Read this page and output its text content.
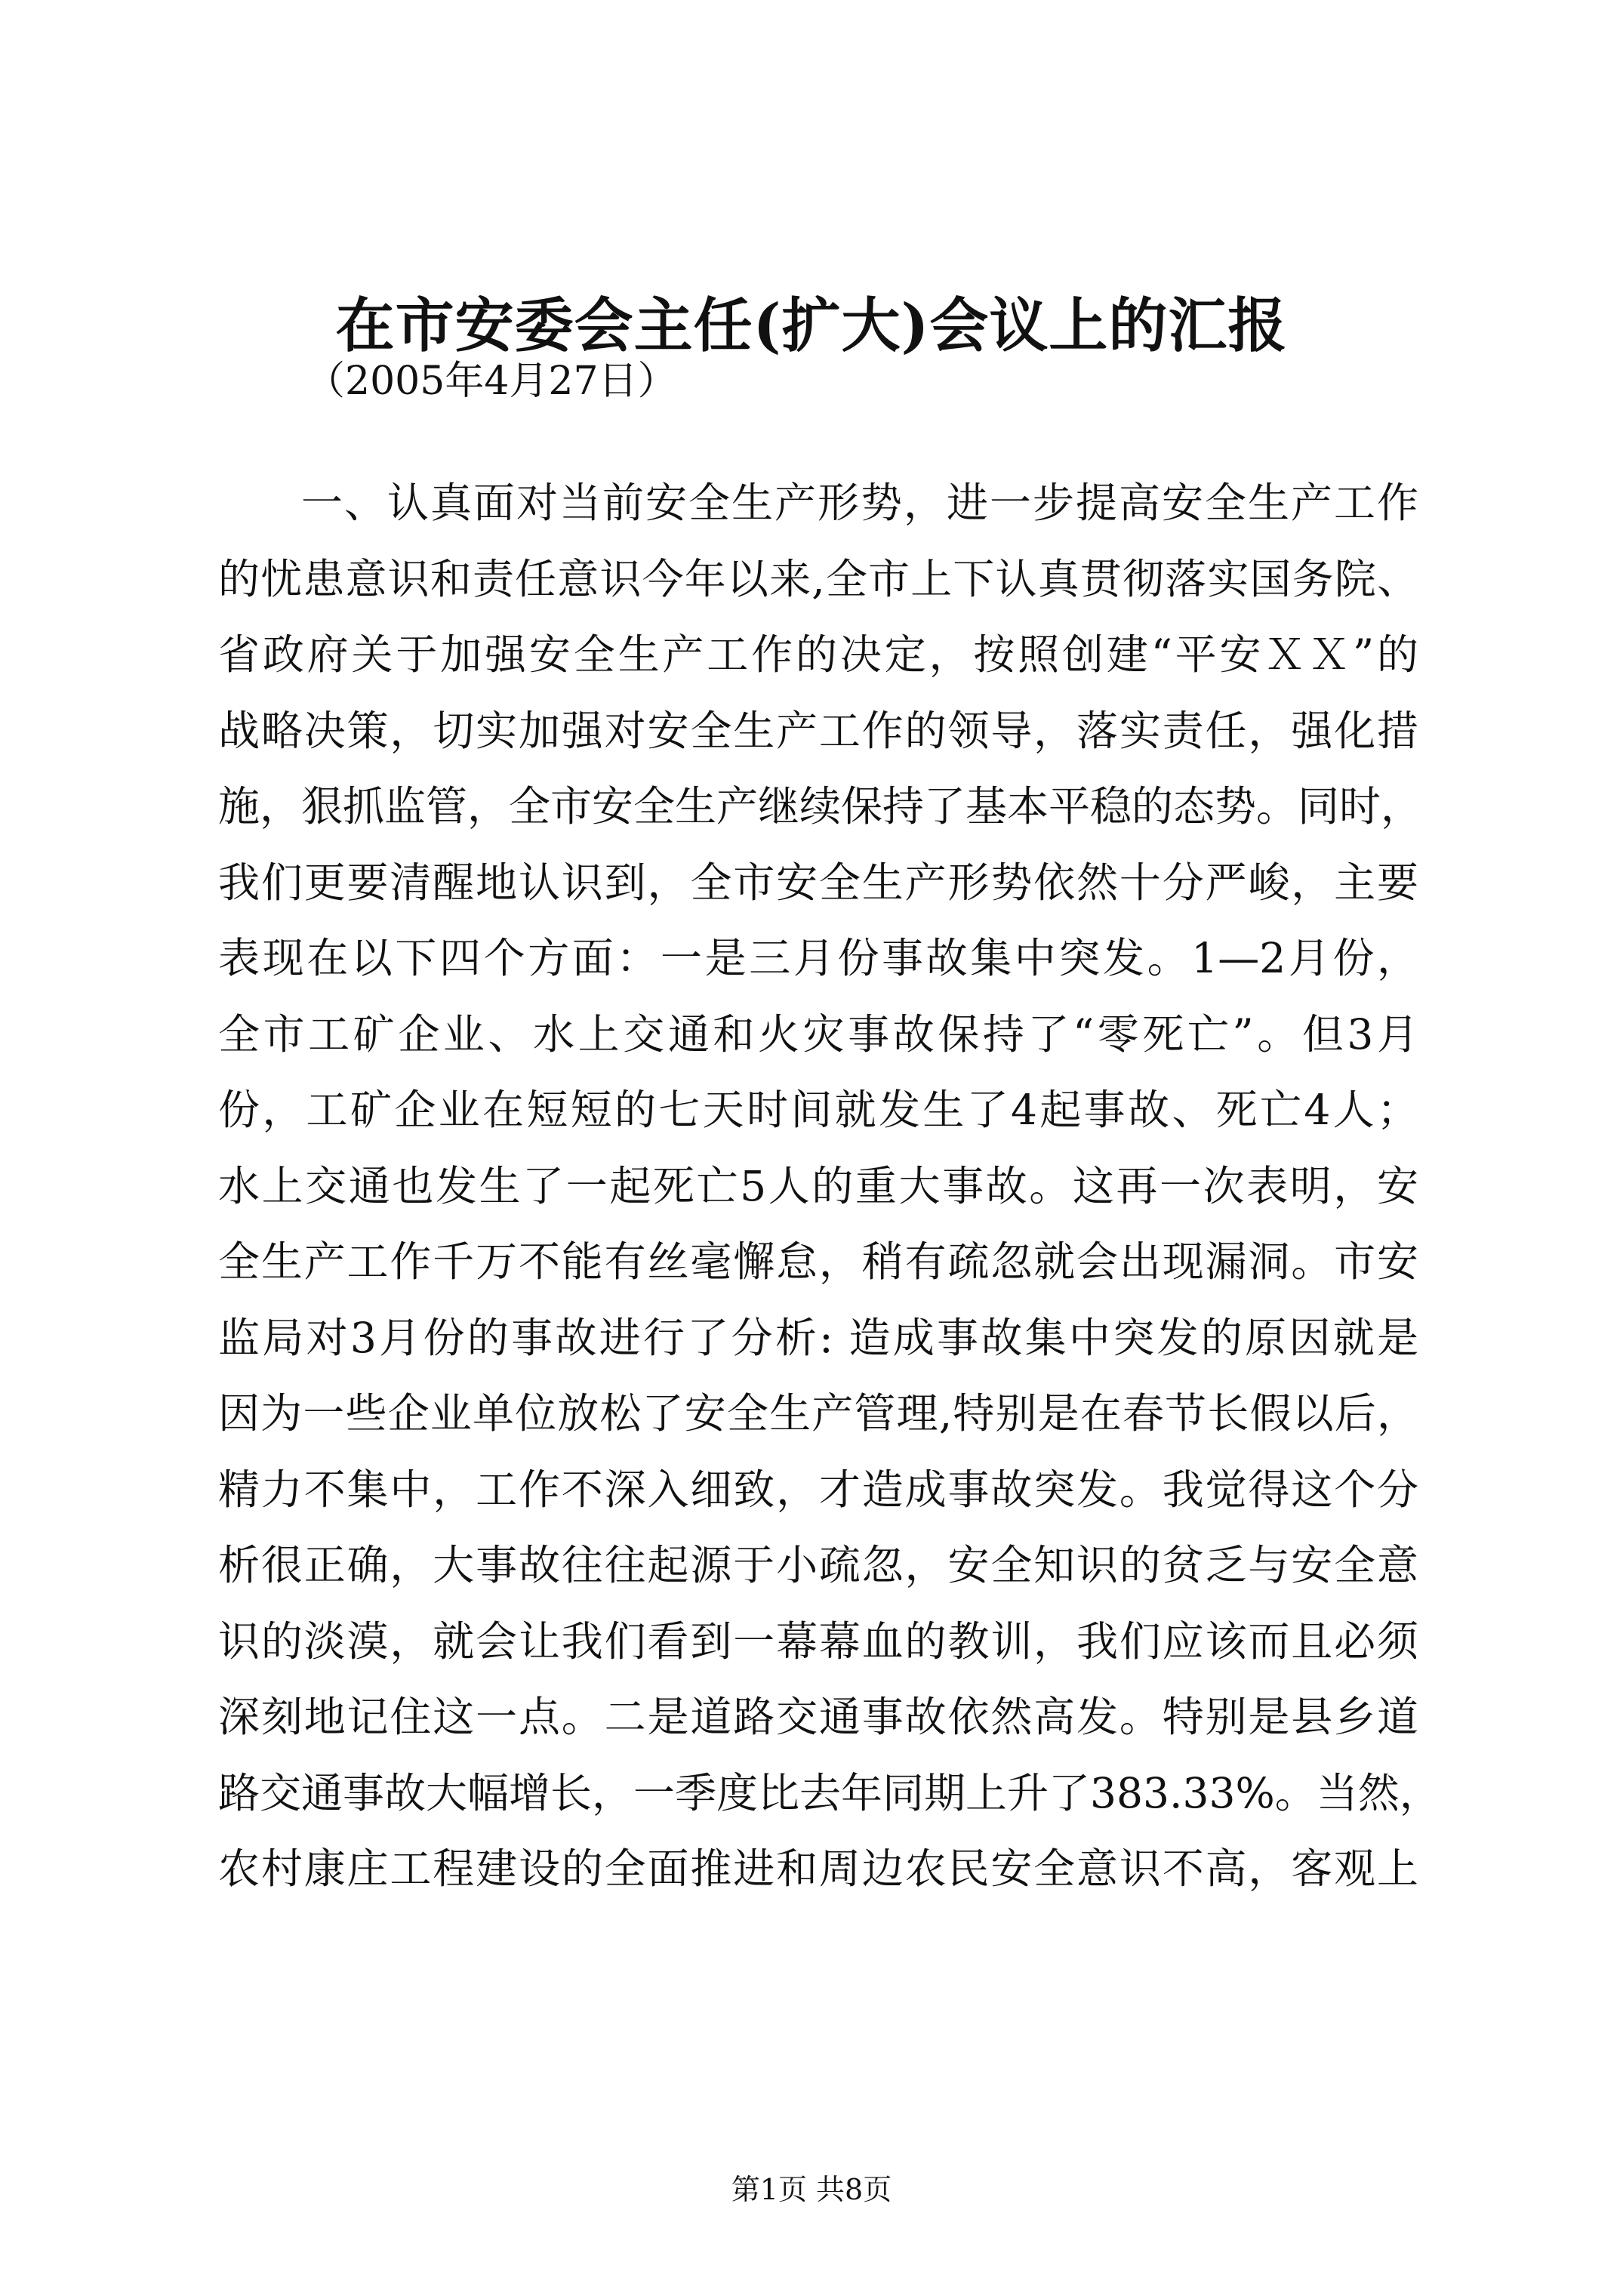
在市安委会主任(扩大)会议上的汇报
（2005年4月27日）
一、认真面对当前安全生产形势，进一步提高安全生产工作
的忧患意识和责任意识今年以来,全市上下认真贯彻落实国务院、
省政府关于加强安全生产工作的决定，按照创建“平安ＸＸ”的
战略决策，切实加强对安全生产工作的领导，落实责任，强化措
施，狠抓监管，全市安全生产继续保持了基本平稳的态势。同时，
我们更要清醒地认识到，全市安全生产形势依然十分严峻，主要
表现在以下四个方面：一是三月份事故集中突发。1—2月份，
全市工矿企业、水上交通和火灾事故保持了“零死亡”。但3月
份，工矿企业在短短的七天时间就发生了4起事故、死亡4人；
水上交通也发生了一起死亡5人的重大事故。这再一次表明，安
全生产工作千万不能有丝毫懈怠，稍有疏忽就会出现漏洞。市安
监局对3月份的事故进行了分析: 造成事故集中突发的原因就是
因为一些企业单位放松了安全生产管理,特别是在春节长假以后，
精力不集中，工作不深入细致，才造成事故突发。我觉得这个分
析很正确，大事故往往起源于小疏忽，安全知识的贫乏与安全意
识的淡漠，就会让我们看到一幕幕血的教训，我们应该而且必须
深刻地记住这一点。二是道路交通事故依然高发。特别是县乡道
路交通事故大幅增长，一季度比去年同期上升了383.33%。当然，
农村康庄工程建设的全面推进和周边农民安全意识不高，客观上
第1页 共8页
